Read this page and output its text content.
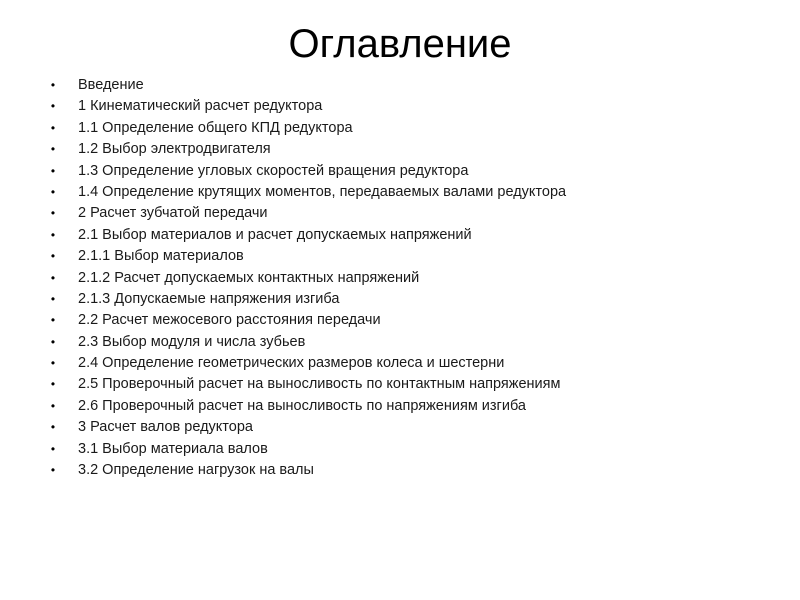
Оглавление
• Введение
• 1 Кинематический расчет редуктора
• 1.1 Определение общего КПД редуктора
• 1.2 Выбор электродвигателя
• 1.3 Определение угловых скоростей вращения редуктора
• 1.4 Определение крутящих моментов, передаваемых валами редуктора
• 2 Расчет зубчатой передачи
• 2.1 Выбор материалов и расчет допускаемых напряжений
• 2.1.1 Выбор материалов
• 2.1.2 Расчет допускаемых контактных напряжений
• 2.1.3 Допускаемые напряжения изгиба
• 2.2 Расчет межосевого расстояния передачи
• 2.3 Выбор модуля и числа зубьев
• 2.4 Определение геометрических размеров колеса и шестерни
• 2.5 Проверочный расчет на выносливость по контактным напряжениям
• 2.6 Проверочный расчет на выносливость по напряжениям изгиба
• 3 Расчет валов редуктора
• 3.1 Выбор материала валов
• 3.2 Определение нагрузок на валы
